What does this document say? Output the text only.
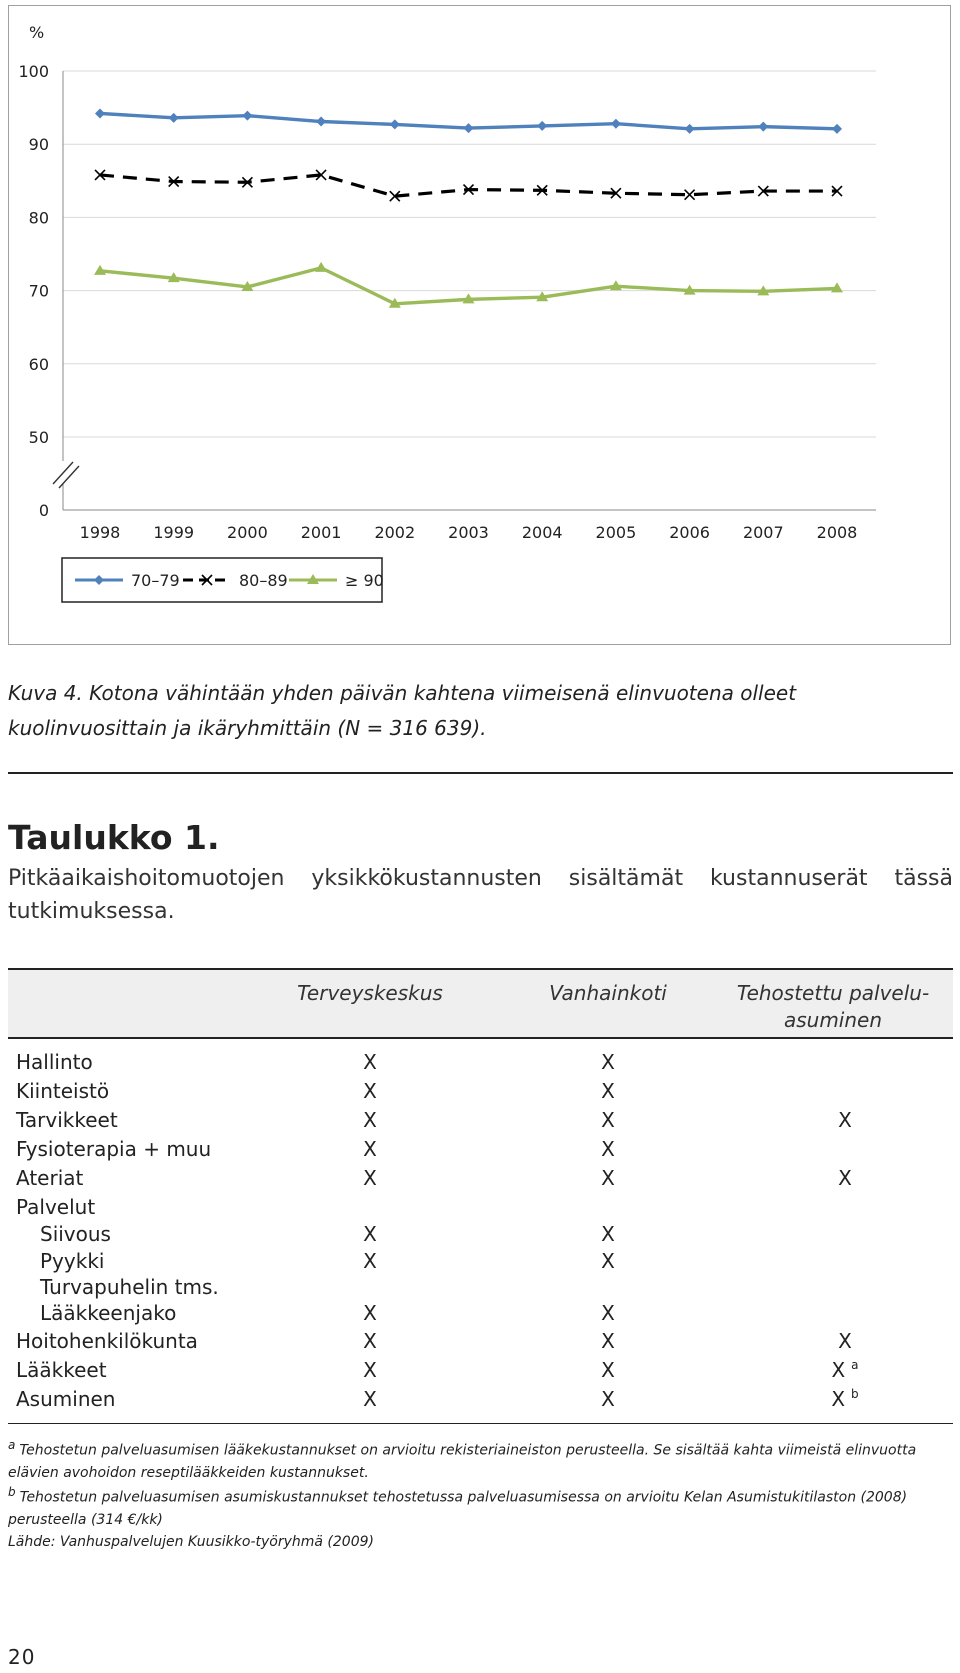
100
90
80
70
60
50
0
%
1998 1999 2000 2001 2002 2003 2004 2005 2006 2007 2008
70–79	80–89	≥ 90
Kuva 4. Kotona vähintään yhden päivän kahtena viimeisenä elinvuotena olleet kuolinvuosittain ja ikäryhmittäin (N = 316 639).
Taulukko 1.
Pitkäaikaishoitomuotojen yksikkökustannusten sisältämät kustannuserät tässä tutkimuksessa.
Terveyskeskus	Vanhainkoti	Tehostettu palvelu-
asuminen
Hallinto	X	X
Kiinteistö	X	X
Tarvikkeet	X	X	X
Fysioterapia + muu	X	X
Ateriat	X	X	X
Palvelut
Siivous	X	X
Pyykki	X	X
Turvapuhelin tms.
Lääkkeenjako	X	X
Hoitohenkilökunta	X	X	X
Lääkkeet	X	X	X $^a$
Asuminen	X	X	X $^b$
$^a$ Tehostetun palveluasumisen lääkekustannukset on arvioitu rekisteriaineiston perusteella. Se sisältää kahta viimeistä elinvuotta elävien avohoidon reseptilääkkeiden kustannukset.
$^b$ Tehostetun palveluasumisen asumiskustannukset tehostetussa palveluasumisessa on arvioitu Kelan Asumistukitilaston (2008) perusteella (314 €/kk)
Lähde: Vanhuspalvelujen Kuusikko-työryhmä (2009)
20
